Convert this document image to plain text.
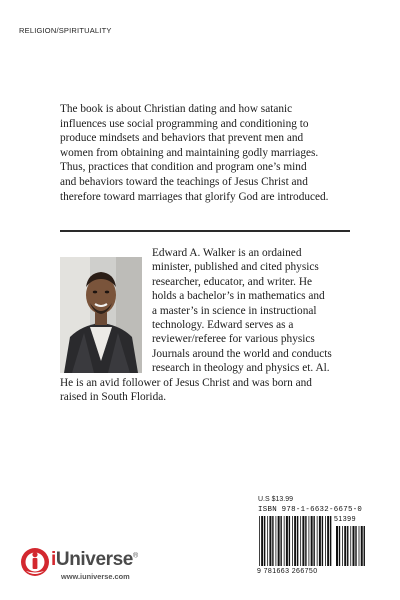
RELIGION/SPIRITUALITY
The book is about Christian dating and how satanic
influences use social programming and conditioning to
produce mindsets and behaviors that prevent men and
women from obtaining and maintaining godly marriages.
Thus, practices that condition and program one’s mind
and behaviors toward the teachings of Jesus Christ and
therefore toward marriages that glorify God are introduced.
Edward A. Walker is an ordained
minister, published and cited physics
researcher, educator, and writer. He
holds a bachelor’s in mathematics and
a master’s in science in instructional
technology. Edward serves as a
reviewer/referee for various physics
Journals around the world and conducts
research in theology and physics et. Al.
He is an avid follower of Jesus Christ and was born and
raised in South Florida.
U.S $13.99
ISBN 978-1-6632-6675-0
51399
9 781663 266750
iUniverse®
www.iuniverse.com
